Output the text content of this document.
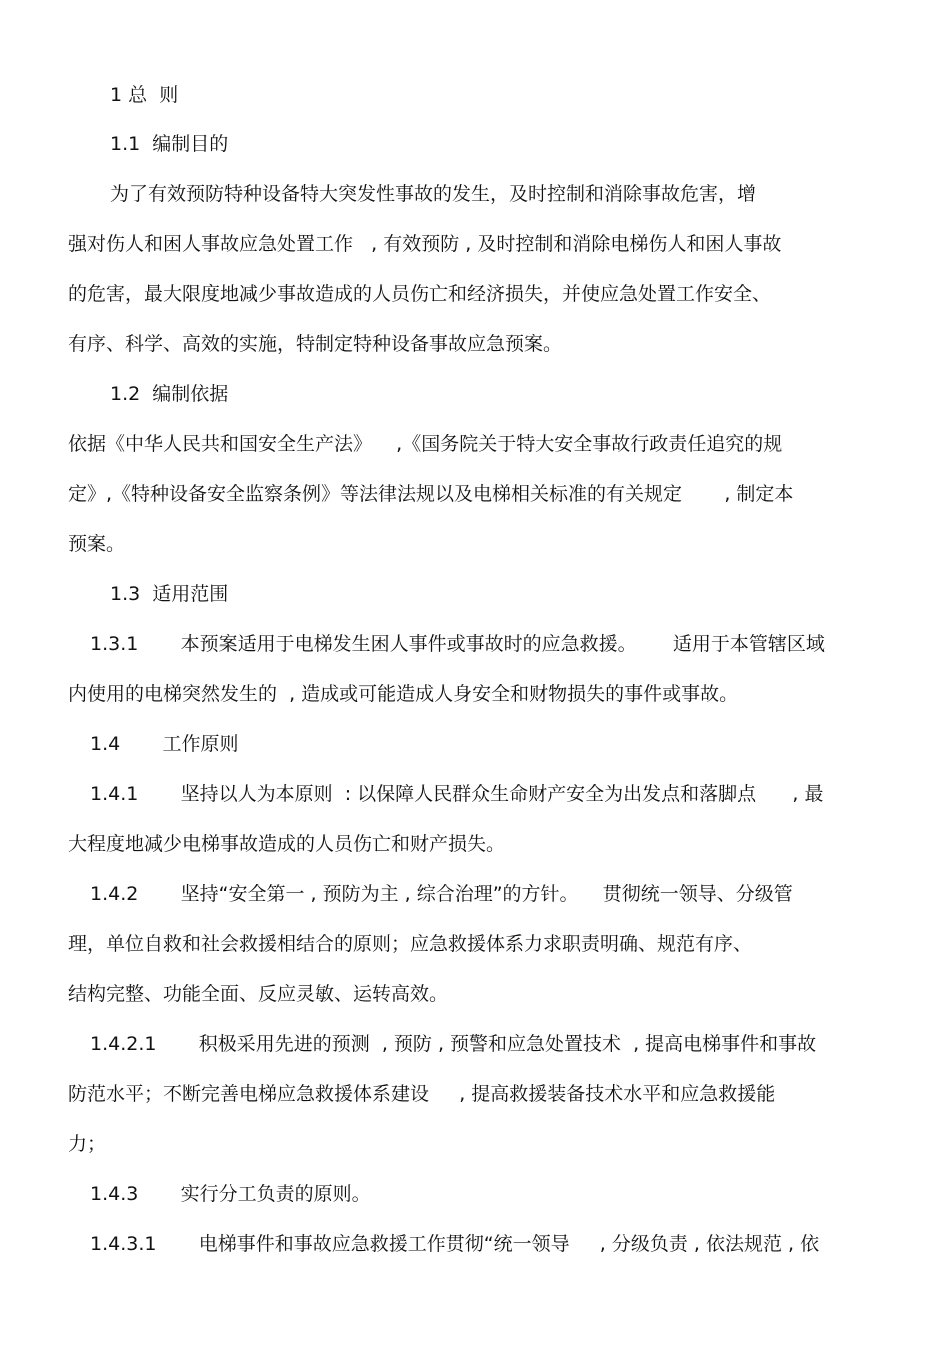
1 总  则
1.1  编制目的
为了有效预防特种设备特大突发性事故的发生，及时控制和消除事故危害，增
强对伤人和困人事故应急处置工作   , 有效预防 , 及时控制和消除电梯伤人和困人事故
的危害，最大限度地减少事故造成的人员伤亡和经济损失，并使应急处置工作安全、
有序、科学、高效的实施，特制定特种设备事故应急预案。
1.2  编制依据
依据《中华人民共和国安全生产法》    ,《国务院关于特大安全事故行政责任追究的规
定》,《特种设备安全监察条例》等法律法规以及电梯相关标准的有关规定       , 制定本
预案。
1.3  适用范围
1.3.1       本预案适用于电梯发生困人事件或事故时的应急救援。      适用于本管辖区域
内使用的电梯突然发生的  , 造成或可能造成人身安全和财物损失的事件或事故。
1.4       工作原则
1.4.1       坚持以人为本原则  : 以保障人民群众生命财产安全为出发点和落脚点      , 最
大程度地减少电梯事故造成的人员伤亡和财产损失。
1.4.2       坚持“安全第一 , 预防为主 , 综合治理”的方针。    贯彻统一领导、分级管
理，单位自救和社会救援相结合的原则；应急救援体系力求职责明确、规范有序、
结构完整、功能全面、反应灵敏、运转高效。
1.4.2.1       积极采用先进的预测  , 预防 , 预警和应急处置技术  , 提高电梯事件和事故
防范水平；不断完善电梯应急救援体系建设     , 提高救援装备技术水平和应急救援能
力；
1.4.3       实行分工负责的原则。
1.4.3.1       电梯事件和事故应急救援工作贯彻“统一领导     , 分级负责 , 依法规范 , 依
